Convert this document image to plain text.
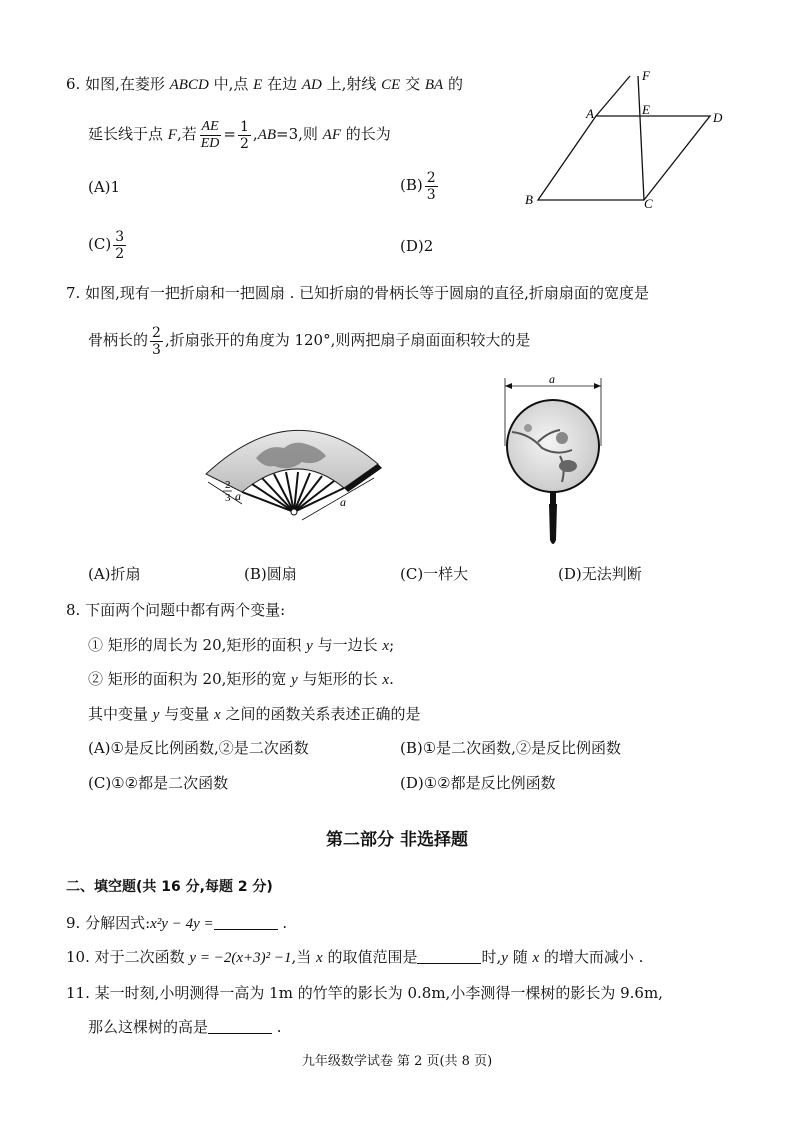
6. 如图,在菱形 ABCD 中,点 E 在边 AD 上,射线 CE 交 BA 的
延长线于点 F,若 $\frac{AE}{ED} = \frac{1}{2} ,AB=3$,则 AF 的长为
(A)1	$(B) \frac{2}{3}$
$(C) \frac{3}{2}$	(D)2
F
A	E
D
B	C
7. 如图,现有一把折扇和一把圆扇 . 已知折扇的骨柄长等于圆扇的直径,折扇扇面的宽度是
骨柄长的 $\frac{2}{3}$ ,折扇张开的角度为 120°,则两把扇子扇面面积较大的是
2
3 a	a
a
(A)折扇	(B)圆扇	(C)一样大	(D)无法判断
8. 下面两个问题中都有两个变量:
① 矩形的周长为 20,矩形的面积 y 与一边长 x;
② 矩形的面积为 20,矩形的宽 y 与矩形的长 x.
其中变量 y 与变量 x 之间的函数关系表述正确的是
(A)①是反比例函数,②是二次函数	(B)①是二次函数,②是反比例函数
(C)①②都是二次函数	(D)①②都是反比例函数
第二部分 非选择题
二、填空题(共 16 分,每题 2 分)
9. 分解因式:x²y − 4y =	.
10. 对于二次函数 y = −2(x+3)² −1,当 x 的取值范围是	时,y 随 x 的增大而减小 .
11. 某一时刻,小明测得一高为 1m 的竹竿的影长为 0.8m,小李测得一棵树的影长为 9.6m,
那么这棵树的高是	.
九年级数学试卷 第 2 页(共 8 页)
